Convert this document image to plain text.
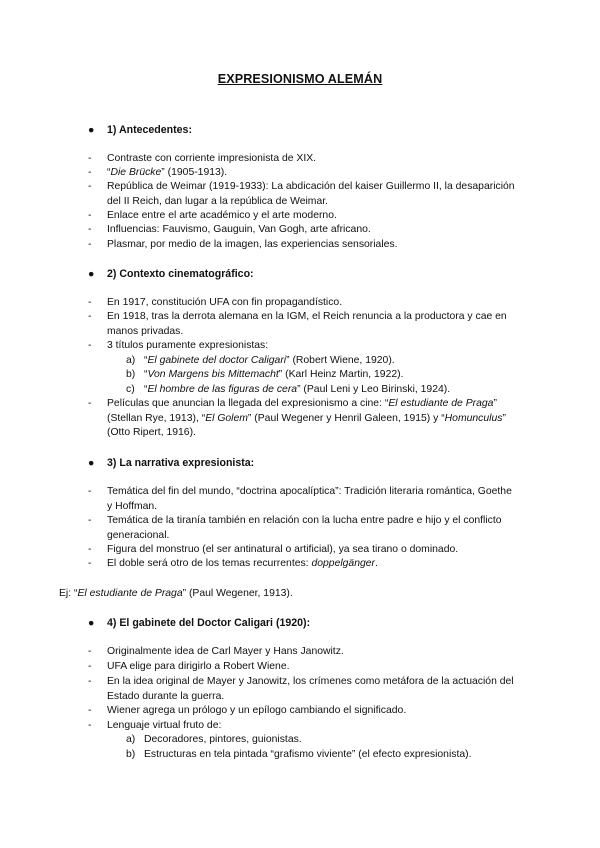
EXPRESIONISMO ALEMÁN
● 1) Antecedentes:
- Contraste con corriente impresionista de XIX.
- “Die Brücke” (1905-1913).
- República de Weimar (1919-1933): La abdicación del kaiser Guillermo II, la desaparición del II Reich, dan lugar a la república de Weimar.
- Enlace entre el arte académico y el arte moderno.
- Influencias: Fauvismo, Gauguin, Van Gogh, arte africano.
- Plasmar, por medio de la imagen, las experiencias sensoriales.
● 2) Contexto cinematográfico:
- En 1917, constitución UFA con fin propagandístico.
- En 1918, tras la derrota alemana en la IGM, el Reich renuncia a la productora y cae en manos privadas.
- 3 títulos puramente expresionistas:
a) “El gabinete del doctor Caligari” (Robert Wiene, 1920).
b) “Von Margens bis Mittemacht” (Karl Heinz Martin, 1922).
c) “El hombre de las figuras de cera” (Paul Leni y Leo Birinski, 1924).
- Películas que anuncian la llegada del expresionismo a cine: “El estudiante de Praga” (Stellan Rye, 1913), “El Golem” (Paul Wegener y Henril Galeen, 1915) y “Homunculus” (Otto Ripert, 1916).
● 3) La narrativa expresionista:
- Temática del fin del mundo, “doctrina apocalíptica”: Tradición literaria romántica, Goethe y Hoffman.
- Temática de la tiranía también en relación con la lucha entre padre e hijo y el conflicto generacional.
- Figura del monstruo (el ser antinatural o artificial), ya sea tirano o dominado.
- El doble será otro de los temas recurrentes: doppelgänger.
Ej: “El estudiante de Praga” (Paul Wegener, 1913).
● 4) El gabinete del Doctor Caligari (1920):
- Originalmente idea de Carl Mayer y Hans Janowitz.
- UFA elige para dirigirlo a Robert Wiene.
- En la idea original de Mayer y Janowitz, los crímenes como metáfora de la actuación del Estado durante la guerra.
- Wiener agrega un prólogo y un epílogo cambiando el significado.
- Lenguaje virtual fruto de:
a) Decoradores, pintores, guionistas.
b) Estructuras en tela pintada “grafismo viviente” (el efecto expresionista).
